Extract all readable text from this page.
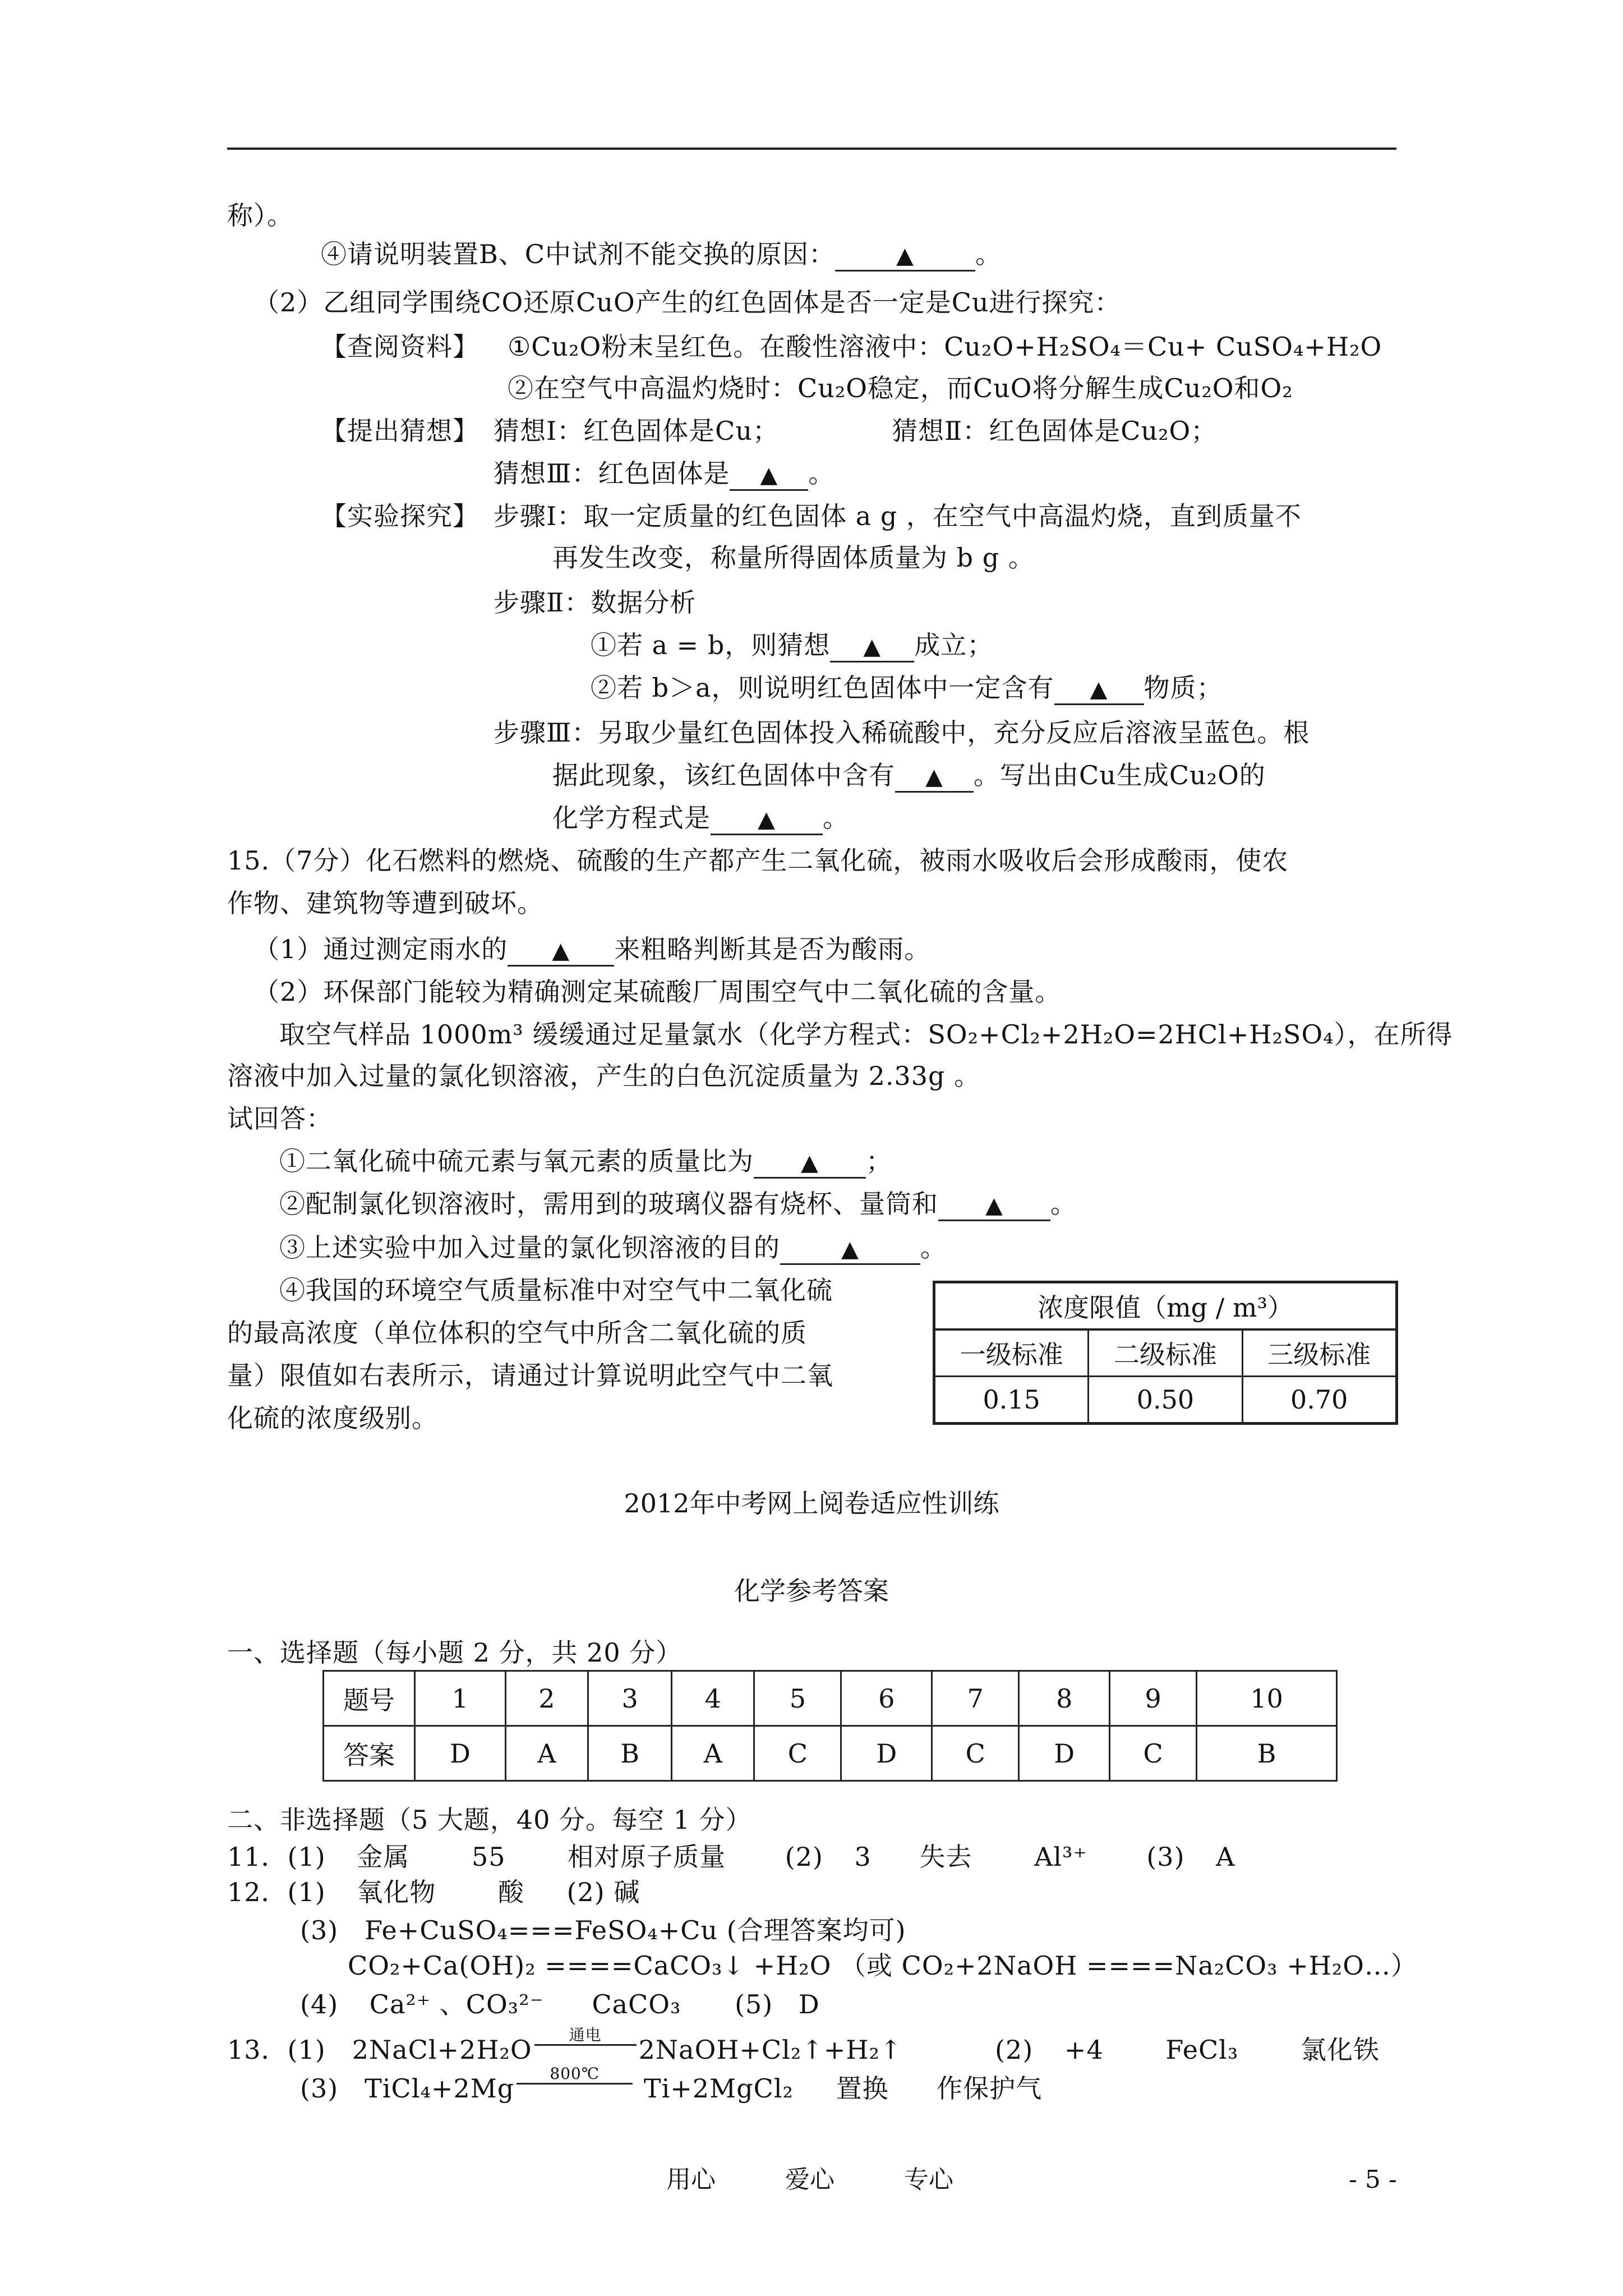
称）。
④请说明装置B、C中试剂不能交换的原因：	▲ 。
（2）乙组同学围绕CO还原CuO产生的红色固体是否一定是Cu进行探究：
【查阅资料】 ①Cu₂O粉末呈红色。在酸性溶液中：Cu₂O+H₂SO₄＝Cu+ CuSO₄+H₂O
②在空气中高温灼烧时：Cu₂O稳定，而CuO将分解生成Cu₂O和O₂
【提出猜想】 猜想Ⅰ：红色固体是Cu；	猜想Ⅱ：红色固体是Cu₂O；
猜想Ⅲ：红色固体是 ▲ 。
【实验探究】 步骤Ⅰ：取一定质量的红色固体 a g ，在空气中高温灼烧，直到质量不
再发生改变，称量所得固体质量为 b g 。
步骤Ⅱ：数据分析
①若 a = b，则猜想 ▲ 成立；
②若 b＞a，则说明红色固体中一定含有 ▲ 物质；
步骤Ⅲ：另取少量红色固体投入稀硫酸中，充分反应后溶液呈蓝色。根
据此现象，该红色固体中含有 ▲ 。写出由Cu生成Cu₂O的
化学方程式是 ▲ 。
15.（7分）化石燃料的燃烧、硫酸的生产都产生二氧化硫，被雨水吸收后会形成酸雨，使农
作物、建筑物等遭到破坏。
（1）通过测定雨水的 ▲ 来粗略判断其是否为酸雨。
（2）环保部门能较为精确测定某硫酸厂周围空气中二氧化硫的含量。
取空气样品 1000m³ 缓缓通过足量氯水（化学方程式：SO₂+Cl₂+2H₂O=2HCl+H₂SO₄），在所得
溶液中加入过量的氯化钡溶液，产生的白色沉淀质量为 2.33g 。
试回答：
①二氧化硫中硫元素与氧元素的质量比为 ▲ ；
②配制氯化钡溶液时，需用到的玻璃仪器有烧杯、量筒和 ▲ 。
③上述实验中加入过量的氯化钡溶液的目的	▲ 。
④我国的环境空气质量标准中对空气中二氧化硫
的最高浓度（单位体积的空气中所含二氧化硫的质
量）限值如右表所示，请通过计算说明此空气中二氧
化硫的浓度级别。
浓度限值（mg / m³）		
一级标准	二级标准	三级标准
0.15	0.50	0.70
2012年中考网上阅卷适应性训练
化学参考答案
一、选择题（每小题 2 分，共 20 分）
题号	1	2	3	4	5	6	7	8	9	10
答案	D	A	B	A	C	D	C	D	C	B
二、非选择题（5 大题，40 分。每空 1 分）
11．(1) 金属 55 相对原子质量 (2) 3 失去 Al³⁺ (3) A
12．(1) 氧化物 酸 (2) 碱
(3)　Fe+CuSO₄===FeSO₄+Cu (合理答案均可)
CO₂+Ca(OH)₂ ====CaCO₃↓ +H₂O （或 CO₂+2NaOH ====Na₂CO₃ +H₂O…）
(4) Ca²⁺ 、CO₃²⁻ CaCO₃ (5) D
13．(1)　2NaCl+2H₂O	通电	2NaOH+Cl₂↑+H₂↑	(2) +4 FeCl₃ 氯化铁
(3)　TiCl₄+2Mg	800℃	Ti+2MgCl₂ 置换 作保护气
用心	爱心	专心	- 5 -
